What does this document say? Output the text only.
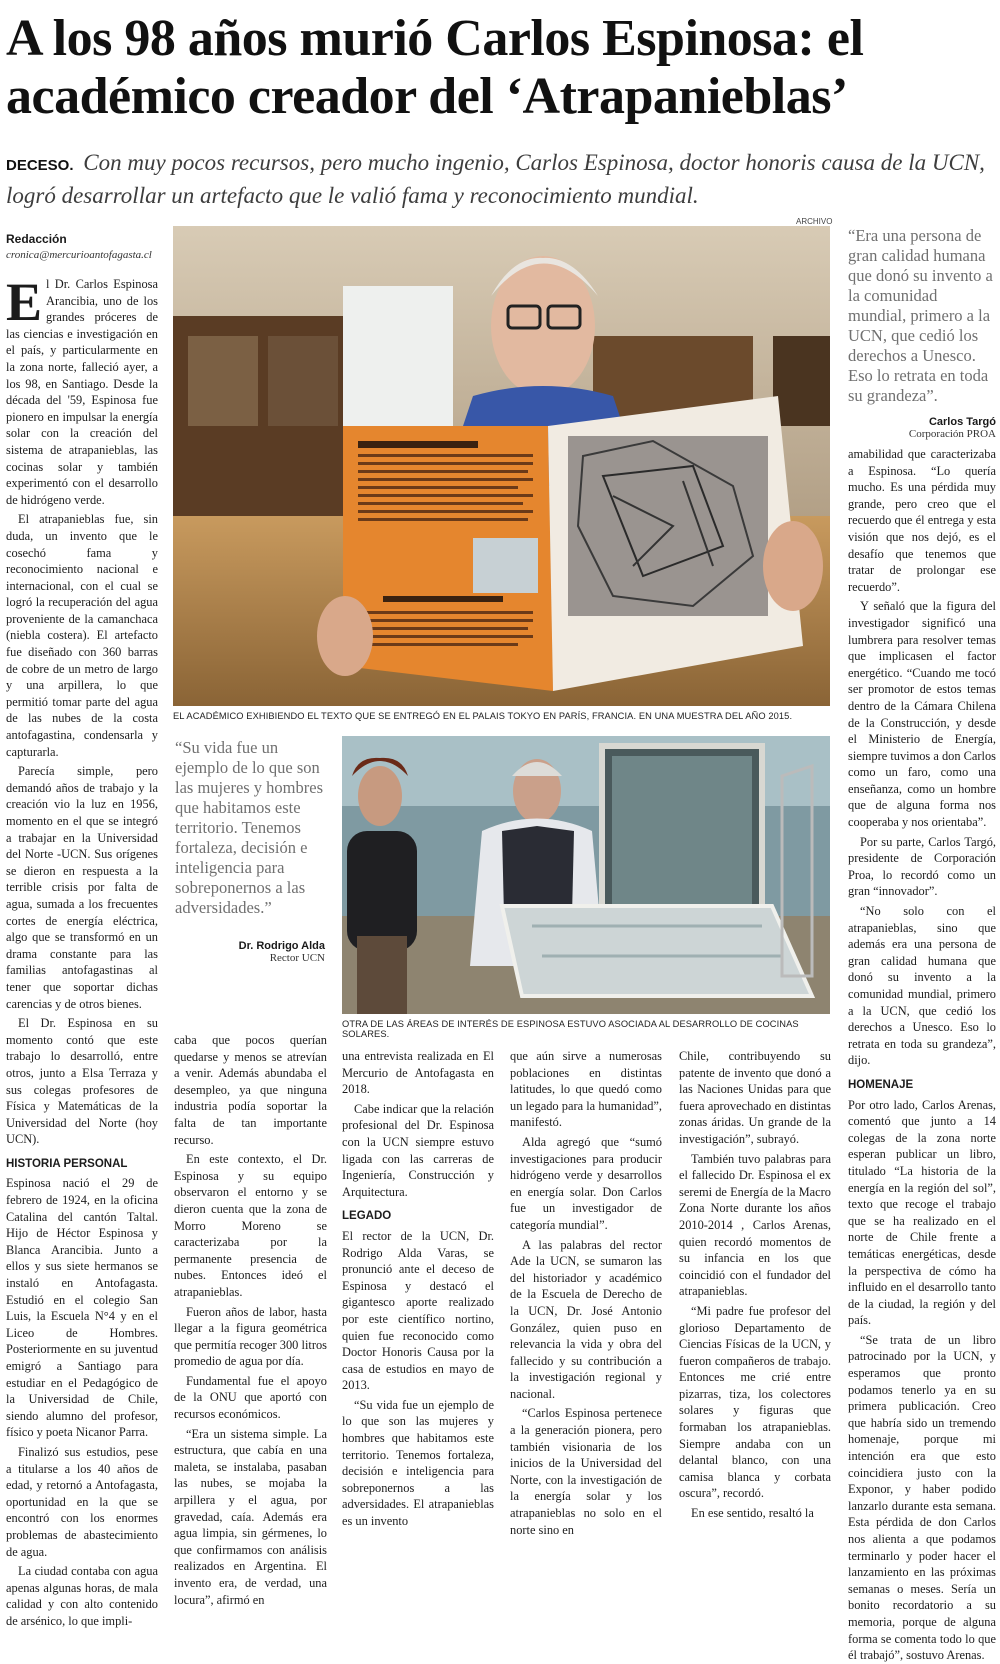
A los 98 años murió Carlos Espinosa: el académico creador del ‘Atrapanieblas’
DECESO. Con muy pocos recursos, pero mucho ingenio, Carlos Espinosa, doctor honoris causa de la UCN, logró desarrollar un artefacto que le valió fama y reconocimiento mundial.
Redacción
cronica@mercurioantofagasta.cl

El Dr. Carlos Espinosa Arancibia, uno de los grandes próceres de las ciencias e investigación en el país, y particularmente en la zona norte, falleció ayer, a los 98, en Santiago. Desde la década del '59, Espinosa fue pionero en impulsar la energía solar con la creación del sistema de atrapanieblas, las cocinas solar y también experimentó con el desarrollo de hidrógeno verde.

El atrapanieblas fue, sin duda, un invento que le cosechó fama y reconocimiento nacional e internacional, con el cual se logró la recuperación del agua proveniente de la camanchaca (niebla costera). El artefacto fue diseñado con 360 barras de cobre de un metro de largo y una arpillera, lo que permitió tomar parte del agua de las nubes de la costa antofagastina, condensarla y capturarla.

Parecía simple, pero demandó años de trabajo y la creación vio la luz en 1956, momento en el que se integró a trabajar en la Universidad del Norte -UCN. Sus orígenes se dieron en respuesta a la terrible crisis por falta de agua, sumada a los frecuentes cortes de energía eléctrica, algo que se transformó en un drama constante para las familias antofagastinas al tener que soportar dichas carencias y de otros bienes.

El Dr. Espinosa en su momento contó que este trabajo lo desarrolló, entre otros, junto a Elsa Terraza y sus colegas profesores de Física y Matemáticas de la Universidad del Norte (hoy UCN).

HISTORIA PERSONAL

Espinosa nació el 29 de febrero de 1924, en la oficina Catalina del cantón Taltal. Hijo de Héctor Espinosa y Blanca Arancibia. Junto a ellos y sus siete hermanos se instaló en Antofagasta. Estudió en el colegio San Luis, la Escuela N°4 y en el Liceo de Hombres. Posteriormente en su juventud emigró a Santiago para estudiar en el Pedagógico de la Universidad de Chile, siendo alumno del profesor, físico y poeta Nicanor Parra.

Finalizó sus estudios, pese a titularse a los 40 años de edad, y retornó a Antofagasta, oportunidad en la que se encontró con los enormes problemas de abastecimiento de agua.

La ciudad contaba con agua apenas algunas horas, de mala calidad y con alto contenido de arsénico, lo que impli-

ARCHIVO
EL ACADÉMICO EXHIBIENDO EL TEXTO QUE SE ENTREGÓ EN EL PALAIS TOKYO EN PARÍS, FRANCIA. EN UNA MUESTRA DEL AÑO 2015.
“Era una persona de gran calidad humana que donó su invento a la comunidad mundial, primero a la UCN, que cedió los derechos a Unesco. Eso lo retrata en toda su grandeza”.
Carlos Targó
Corporación PROA

amabilidad que caracterizaba a Espinosa. “Lo quería mucho. Es una pérdida muy grande, pero creo que el recuerdo que él entrega y esta visión que nos dejó, es el desafío que tenemos que tratar de prolongar ese recuerdo”.

Y señaló que la figura del investigador significó una lumbrera para resolver temas que implicasen el factor energético. “Cuando me tocó ser promotor de estos temas dentro de la Cámara Chilena de la Construcción, y desde el Ministerio de Energía, siempre tuvimos a don Carlos como un faro, como una enseñanza, como un hombre que de alguna forma nos cooperaba y nos orientaba”.

Por su parte, Carlos Targó, presidente de Corporación Proa, lo recordó como un gran “innovador”.

“No solo con el atrapanieblas, sino que además era una persona de gran calidad humana que donó su invento a la comunidad mundial, primero a la UCN, que cedió los derechos a Unesco. Eso lo retrata en toda su grandeza”, dijo.

HOMENAJE

Por otro lado, Carlos Arenas, comentó que junto a 14 colegas de la zona norte esperan publicar un libro, titulado “La historia de la energía en la región del sol”, texto que recoge el trabajo que se ha realizado en el norte de Chile frente a temáticas energéticas, desde la perspectiva de cómo ha influido en el desarrollo tanto de la ciudad, la región y del país.

“Se trata de un libro patrocinado por la UCN, y esperamos que pronto podamos tenerlo ya en su primera publicación. Creo que habría sido un tremendo homenaje, porque mi intención era que esto coincidiera justo con la Exponor, y haber podido lanzarlo durante esta semana. Esta pérdida de don Carlos nos alienta a que podamos terminarlo y poder hacer el lanzamiento en las próximas semanas o meses. Sería un bonito recordatorio a su memoria, porque de alguna forma se comenta todo lo que él trabajó”, sostuvo Arenas.

“Su vida fue un ejemplo de lo que son las mujeres y hombres que habitamos este territorio. Tenemos fortaleza, decisión e inteligencia para sobreponernos a las adversidades.”
Dr. Rodrigo Alda
Rector UCN
OTRA DE LAS ÁREAS DE INTERÉS DE ESPINOSA ESTUVO ASOCIADA AL DESARROLLO DE COCINAS SOLARES.

caba que pocos querían quedarse y menos se atrevían a venir. Además abundaba el desempleo, ya que ninguna industria podía soportar la falta de tan importante recurso.

En este contexto, el Dr. Espinosa y su equipo observaron el entorno y se dieron cuenta que la zona de Morro Moreno se caracterizaba por la permanente presencia de nubes. Entonces ideó el atrapanieblas.

Fueron años de labor, hasta llegar a la figura geométrica que permitía recoger 300 litros promedio de agua por día.

Fundamental fue el apoyo de la ONU que aportó con recursos económicos.

“Era un sistema simple. La estructura, que cabía en una maleta, se instalaba, pasaban las nubes, se mojaba la arpillera y el agua, por gravedad, caía. Además era agua limpia, sin gérmenes, lo que confirmamos con análisis realizados en Argentina. El invento era, de verdad, una locura”, afirmó en

una entrevista realizada en El Mercurio de Antofagasta en 2018.

Cabe indicar que la relación profesional del Dr. Espinosa con la UCN siempre estuvo ligada con las carreras de Ingeniería, Construcción y Arquitectura.

LEGADO

El rector de la UCN, Dr. Rodrigo Alda Varas, se pronunció ante el deceso de Espinosa y destacó el gigantesco aporte realizado por este científico nortino, quien fue reconocido como Doctor Honoris Causa por la casa de estudios en mayo de 2013.

“Su vida fue un ejemplo de lo que son las mujeres y hombres que habitamos este territorio. Tenemos fortaleza, decisión e inteligencia para sobreponernos a las adversidades. El atrapanieblas es un invento

que aún sirve a numerosas poblaciones en distintas latitudes, lo que quedó como un legado para la humanidad”, manifestó.

Alda agregó que “sumó investigaciones para producir hidrógeno verde y desarrollos en energía solar. Don Carlos fue un investigador de categoría mundial”.

A las palabras del rector Ade la UCN, se sumaron las del historiador y académico de la Escuela de Derecho de la UCN, Dr. José Antonio González, quien puso en relevancia la vida y obra del fallecido y su contribución a la investigación regional y nacional.

“Carlos Espinosa pertenece a la generación pionera, pero también visionaria de los inicios de la Universidad del Norte, con la investigación de la energía solar y los atrapanieblas no solo en el norte sino en

Chile, contribuyendo su patente de invento que donó a las Naciones Unidas para que fuera aprovechado en distintas zonas áridas. Un grande de la investigación”, subrayó.

También tuvo palabras para el fallecido Dr. Espinosa el ex seremi de Energía de la Macro Zona Norte durante los años 2010-2014 , Carlos Arenas, quien recordó momentos de su infancia en los que coincidió con el fundador del atrapanieblas.

“Mi padre fue profesor del glorioso Departamento de Ciencias Físicas de la UCN, y fueron compañeros de trabajo. Entonces me crié entre pizarras, tiza, los colectores solares y figuras que formaban los atrapanieblas. Siempre andaba con un delantal blanco, con una camisa blanca y corbata oscura”, recordó.

En ese sentido, resaltó la
